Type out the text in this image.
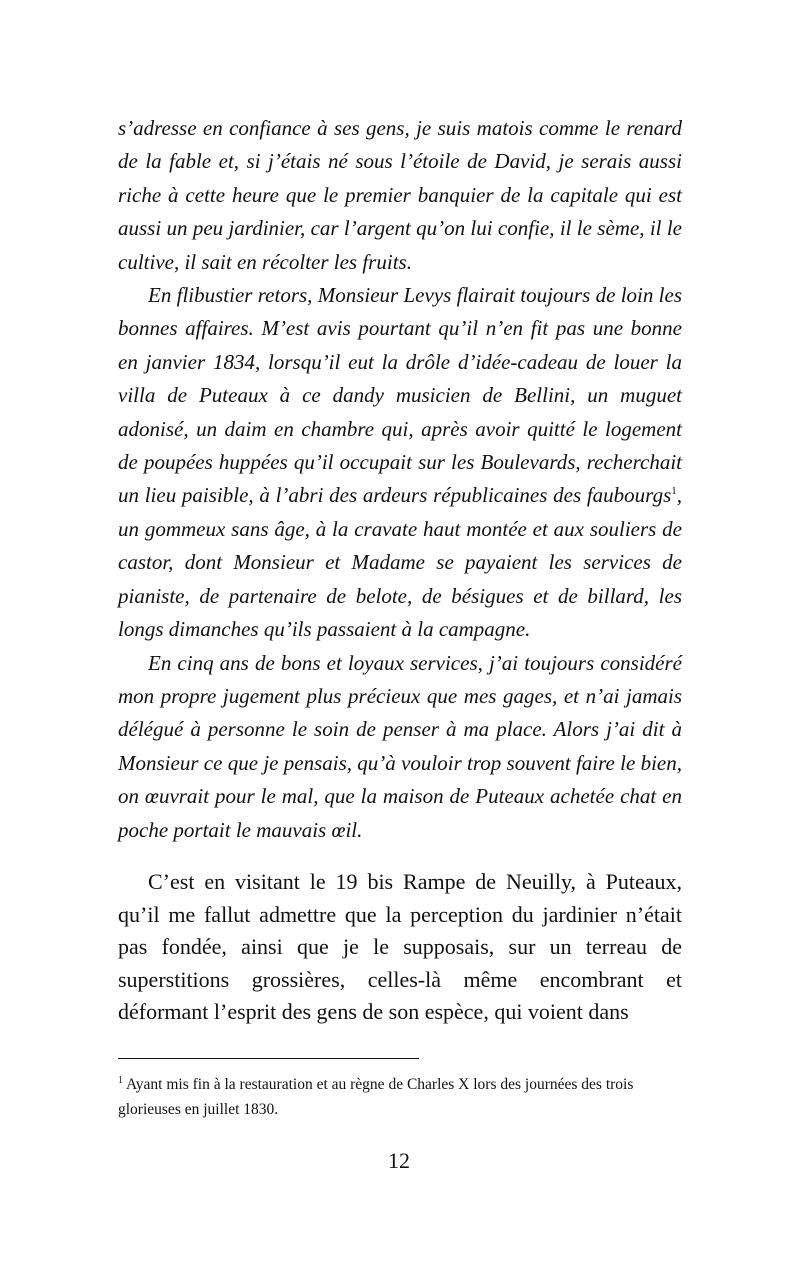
s’adresse en confiance à ses gens, je suis matois comme le renard de la fable et, si j’étais né sous l’étoile de David, je serais aussi riche à cette heure que le premier banquier de la capitale qui est aussi un peu jardinier, car l’argent qu’on lui confie, il le sème, il le cultive, il sait en récolter les fruits.

En flibustier retors, Monsieur Levys flairait toujours de loin les bonnes affaires. M’est avis pourtant qu’il n’en fit pas une bonne en janvier 1834, lorsqu’il eut la drôle d’idée-cadeau de louer la villa de Puteaux à ce dandy musicien de Bellini, un muguet adonisé, un daim en chambre qui, après avoir quitté le logement de poupées huppées qu’il occupait sur les Boulevards, recherchait un lieu paisible, à l’abri des ardeurs républicaines des faubourgs$^1$, un gommeux sans âge, à la cravate haut montée et aux souliers de castor, dont Monsieur et Madame se payaient les services de pianiste, de partenaire de belote, de bésigues et de billard, les longs dimanches qu’ils passaient à la campagne.

En cinq ans de bons et loyaux services, j’ai toujours considéré mon propre jugement plus précieux que mes gages, et n’ai jamais délégué à personne le soin de penser à ma place. Alors j’ai dit à Monsieur ce que je pensais, qu’à vouloir trop souvent faire le bien, on œuvrait pour le mal, que la maison de Puteaux achetée chat en poche portait le mauvais œil.

C’est en visitant le 19 bis Rampe de Neuilly, à Puteaux, qu’il me fallut admettre que la perception du jardinier n’était pas fondée, ainsi que je le supposais, sur un terreau de superstitions grossières, celles-là même encombrant et déformant l’esprit des gens de son espèce, qui voient dans

$^1$ Ayant mis fin à la restauration et au règne de Charles X lors des journées des trois glorieuses en juillet 1830.
12
